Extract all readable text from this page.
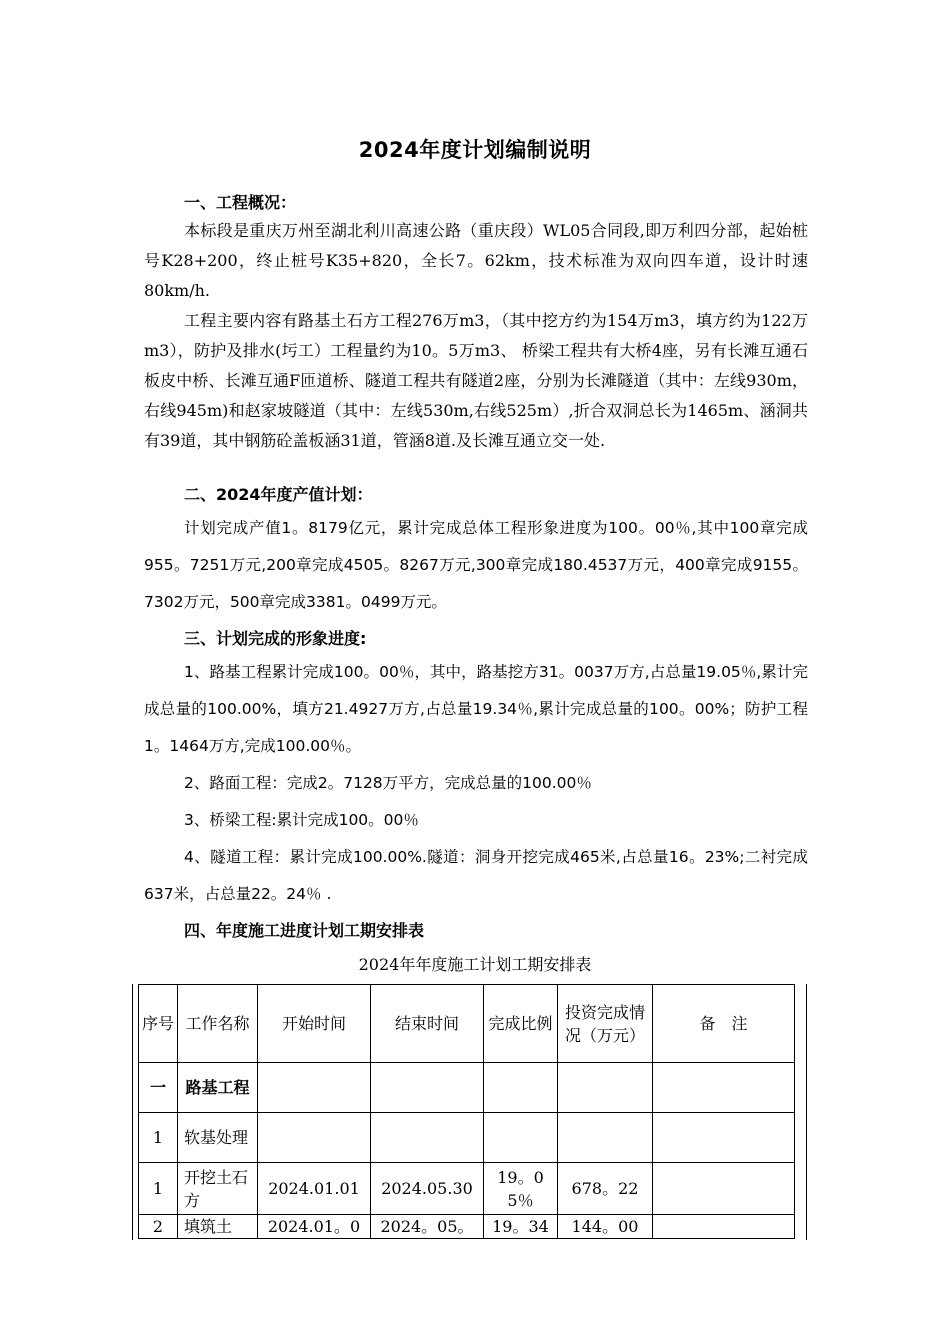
2024年度计划编制说明
一、工程概况：
本标段是重庆万州至湖北利川高速公路（重庆段）WL05合同段,即万利四分部，起始桩号K28+200，终止桩号K35+820，全长7。62km，技术标准为双向四车道，设计时速80km/h.
工程主要内容有路基土石方工程276万m3，（其中挖方约为154万m3，填方约为122万m3），防护及排水(圬工）工程量约为10。5万m3、 桥梁工程共有大桥4座，另有长滩互通石板皮中桥、长滩互通F匝道桥、隧道工程共有隧道2座，分别为长滩隧道（其中：左线930m，右线945m)和赵家坡隧道（其中：左线530m,右线525m）,折合双洞总长为1465m、涵洞共有39道，其中钢筋砼盖板涵31道，管涵8道.及长滩互通立交一处.
二、2024年度产值计划：
计划完成产值1。8179亿元，累计完成总体工程形象进度为100。00％,其中100章完成955。7251万元,200章完成4505。8267万元,300章完成180.4537万元，400章完成9155。7302万元，500章完成3381。0499万元。
三、计划完成的形象进度:
1、路基工程累计完成100。00％，其中，路基挖方31。0037万方,占总量19.05％,累计完成总量的100.00%，填方21.4927万方,占总量19.34％,累计完成总量的100。00%；防护工程1。1464万方,完成100.00％。
2、路面工程：完成2。7128万平方，完成总量的100.00％
3、桥梁工程:累计完成100。00％
4、隧道工程：累计完成100.00%.隧道：洞身开挖完成465米,占总量16。23%;二衬完成637米，占总量22。24％ .
四、年度施工进度计划工期安排表
2024年年度施工计划工期安排表
序号	工作名称	开始时间	结束时间	完成比例	投资完成情况（万元）	备　注
一	路基工程					
1	软基处理					
1	开挖土石方	2024.01.01	2024.05.30	19。05％	678。22	
2	填筑土	2024.01。0	2024。05。	19。34	144。00	
